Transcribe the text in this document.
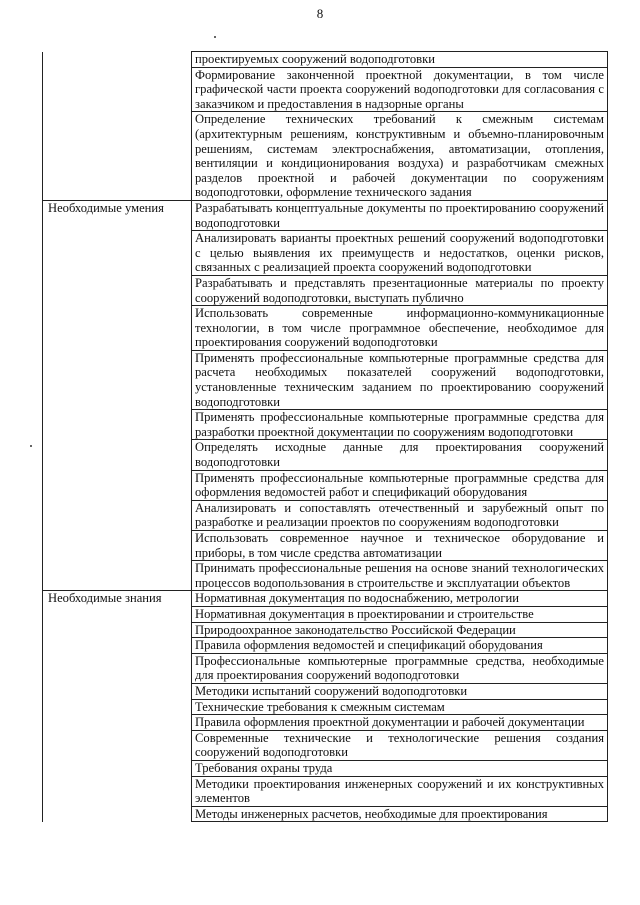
8
	проектируемых сооружений водоподготовки
	Формирование законченной проектной документации, в том числе графической части проекта сооружений водоподготовки для согласования с заказчиком и предоставления в надзорные органы
	Определение технических требований к смежным системам (архитектурным решениям, конструктивным и объемно-планировочным решениям, системам электроснабжения, автоматизации, отопления, вентиляции и кондиционирования воздуха) и разработчикам смежных разделов проектной и рабочей документации по сооружениям водоподготовки, оформление технического задания
Необходимые умения	Разрабатывать концептуальные документы по проектированию сооружений водоподготовки
	Анализировать варианты проектных решений сооружений водоподготовки с целью выявления их преимуществ и недостатков, оценки рисков, связанных с реализацией проекта сооружений водоподготовки
	Разрабатывать и представлять презентационные материалы по проекту сооружений водоподготовки, выступать публично
	Использовать современные информационно-коммуникационные технологии, в том числе программное обеспечение, необходимое для проектирования сооружений водоподготовки
	Применять профессиональные компьютерные программные средства для расчета необходимых показателей сооружений водоподготовки, установленные техническим заданием по проектированию сооружений водоподготовки
	Применять профессиональные компьютерные программные средства для разработки проектной документации по сооружениям водоподготовки
	Определять исходные данные для проектирования сооружений водоподготовки
	Применять профессиональные компьютерные программные средства для оформления ведомостей работ и спецификаций оборудования
	Анализировать и сопоставлять отечественный и зарубежный опыт по разработке и реализации проектов по сооружениям водоподготовки
	Использовать современное научное и техническое оборудование и приборы, в том числе средства автоматизации
	Принимать профессиональные решения на основе знаний технологических процессов водопользования в строительстве и эксплуатации объектов
Необходимые знания	Нормативная документация по водоснабжению, метрологии
	Нормативная документация в проектировании и строительстве
	Природоохранное законодательство Российской Федерации
	Правила оформления ведомостей и спецификаций оборудования
	Профессиональные компьютерные программные средства, необходимые для проектирования сооружений водоподготовки
	Методики испытаний сооружений водоподготовки
	Технические требования к смежным системам
	Правила оформления проектной документации и рабочей документации
	Современные технические и технологические решения создания сооружений водоподготовки
	Требования охраны труда
	Методики проектирования инженерных сооружений и их конструктивных элементов
	Методы инженерных расчетов, необходимые для проектирования
